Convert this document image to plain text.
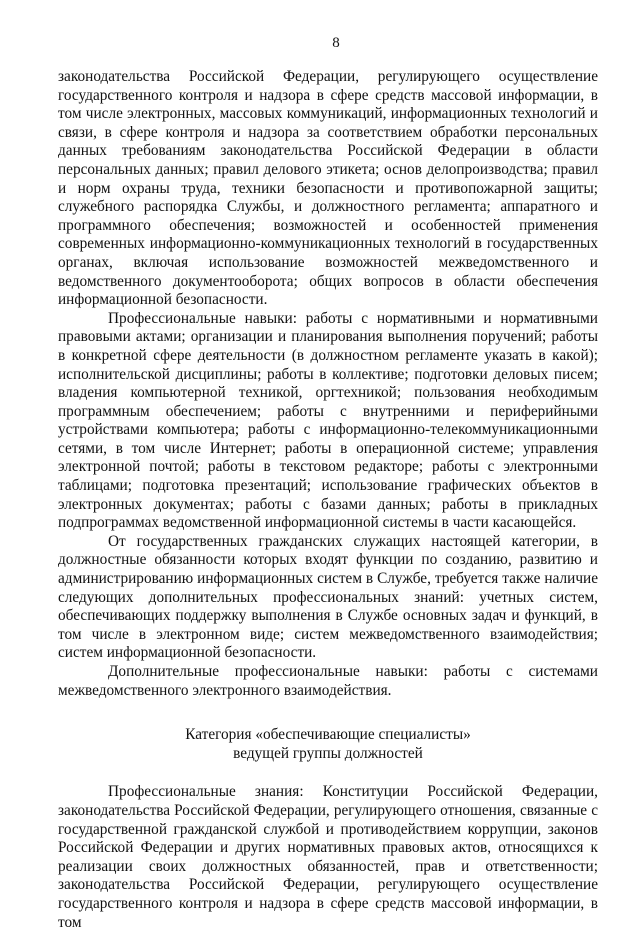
8

законодательства Российской Федерации, регулирующего осуществление государственного контроля и надзора в сфере средств массовой информации, в том числе электронных, массовых коммуникаций, информационных технологий и связи, в сфере контроля и надзора за соответствием обработки персональных данных требованиям законодательства Российской Федерации в области персональных данных; правил делового этикета; основ делопроизводства; правил и норм охраны труда, техники безопасности и противопожарной защиты; служебного распорядка Службы, и должностного регламента; аппаратного и программного обеспечения; возможностей и особенностей применения современных информационно-коммуникационных технологий в государственных органах, включая использование возможностей межведомственного и ведомственного документооборота; общих вопросов в области обеспечения информационной безопасности.

Профессиональные навыки: работы с нормативными и нормативными правовыми актами; организации и планирования выполнения поручений; работы в конкретной сфере деятельности (в должностном регламенте указать в какой); исполнительской дисциплины; работы в коллективе; подготовки деловых писем; владения компьютерной техникой, оргтехникой; пользования необходимым программным обеспечением; работы с внутренними и периферийными устройствами компьютера; работы с информационно-телекоммуникационными сетями, в том числе Интернет; работы в операционной системе; управления электронной почтой; работы в текстовом редакторе; работы с электронными таблицами; подготовка презентаций; использование графических объектов в электронных документах; работы с базами данных; работы в прикладных подпрограммах ведомственной информационной системы в части касающейся.

От государственных гражданских служащих настоящей категории, в должностные обязанности которых входят функции по созданию, развитию и администрированию информационных систем в Службе, требуется также наличие следующих дополнительных профессиональных знаний: учетных систем, обеспечивающих поддержку выполнения в Службе основных задач и функций, в том числе в электронном виде; систем межведомственного взаимодействия; систем информационной безопасности.

Дополнительные профессиональные навыки: работы с системами межведомственного электронного взаимодействия.

Категория «обеспечивающие специалисты»
ведущей группы должностей

Профессиональные знания: Конституции Российской Федерации, законодательства Российской Федерации, регулирующего отношения, связанные с государственной гражданской службой и противодействием коррупции, законов Российской Федерации и других нормативных правовых актов, относящихся к реализации своих должностных обязанностей, прав и ответственности; законодательства Российской Федерации, регулирующего осуществление государственного контроля и надзора в сфере средств массовой информации, в том
